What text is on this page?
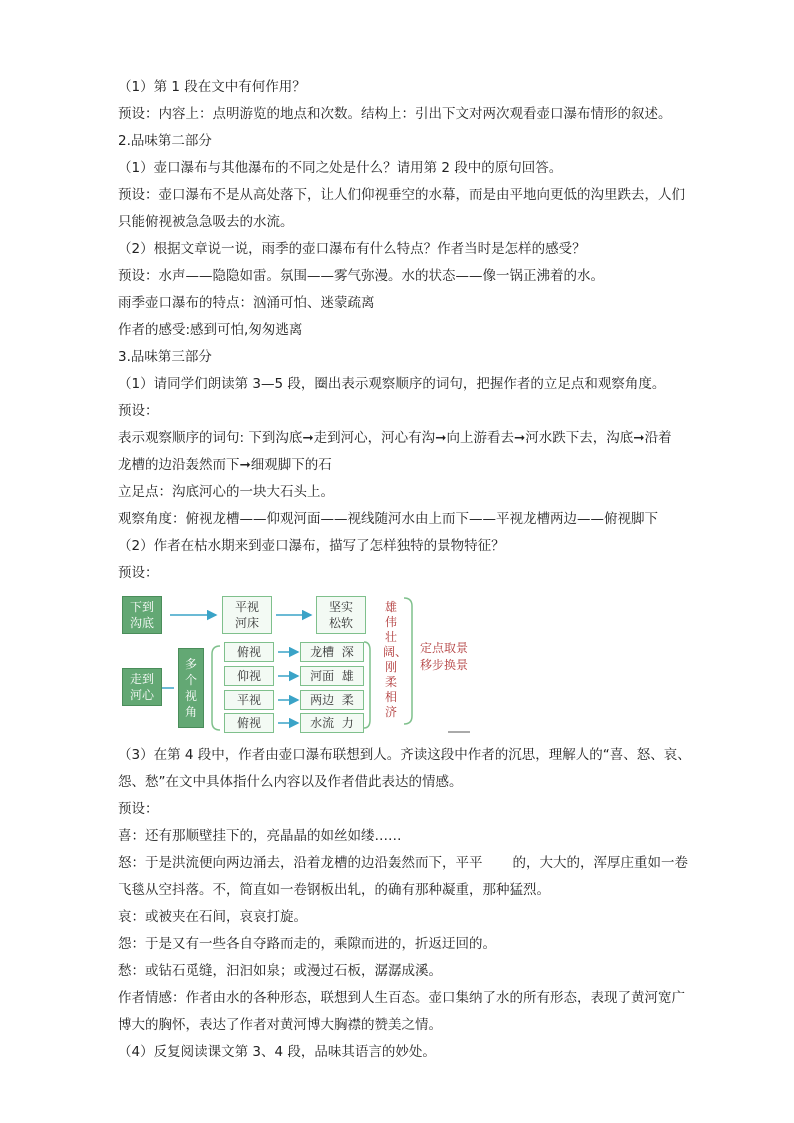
（1）第 1 段在文中有何作用？
预设：内容上：点明游览的地点和次数。结构上：引出下文对两次观看壶口瀑布情形的叙述。
2.品味第二部分
（1）壶口瀑布与其他瀑布的不同之处是什么？请用第 2 段中的原句回答。
预设：壶口瀑布不是从高处落下，让人们仰视垂空的水幕，而是由平地向更低的沟里跌去，人们
只能俯视被急急吸去的水流。
（2）根据文章说一说，雨季的壶口瀑布有什么特点？作者当时是怎样的感受？
预设：水声——隐隐如雷。氛围——雾气弥漫。水的状态——像一锅正沸着的水。
雨季壶口瀑布的特点：汹涌可怕、迷蒙疏离
作者的感受:感到可怕,匆匆逃离
3.品味第三部分
（1）请同学们朗读第 3—5 段，圈出表示观察顺序的词句，把握作者的立足点和观察角度。
预设：
表示观察顺序的词句: 下到沟底➞走到河心，河心有沟➞向上游看去➞河水跌下去，沟底➞沿着
龙槽的边沿轰然而下➞细观脚下的石
立足点：沟底河心的一块大石头上。
观察角度：俯视龙槽——仰观河面——视线随河水由上而下——平视龙槽两边——俯视脚下
（2）作者在枯水期来到壶口瀑布，描写了怎样独特的景物特征？
预设：
下到
沟底
平视
河床
坚实
松软
走到
河心
多个视角
俯视
仰视
平视
俯视
龙槽  深
河面  雄
两边  柔
水流  力
雄伟壮阔、刚柔相济
定点取景
移步换景
（3）在第 4 段中，作者由壶口瀑布联想到人。齐读这段中作者的沉思，理解人的“喜、怒、哀、
怨、愁”在文中具体指什么内容以及作者借此表达的情感。
预设：
喜：还有那顺壁挂下的，亮晶晶的如丝如缕……
怒：于是洪流便向两边涌去，沿着龙槽的边沿轰然而下，平平       的，大大的，浑厚庄重如一卷
飞毯从空抖落。不，简直如一卷钢板出轧，的确有那种凝重，那种猛烈。
哀：或被夹在石间，哀哀打旋。
怨：于是又有一些各自夺路而走的，乘隙而进的，折返迂回的。
愁：或钻石觅缝，汩汩如泉；或漫过石板，潺潺成溪。
作者情感：作者由水的各种形态，联想到人生百态。壶口集纳了水的所有形态，表现了黄河宽广
博大的胸怀，表达了作者对黄河博大胸襟的赞美之情。
（4）反复阅读课文第 3、4 段，品味其语言的妙处。
